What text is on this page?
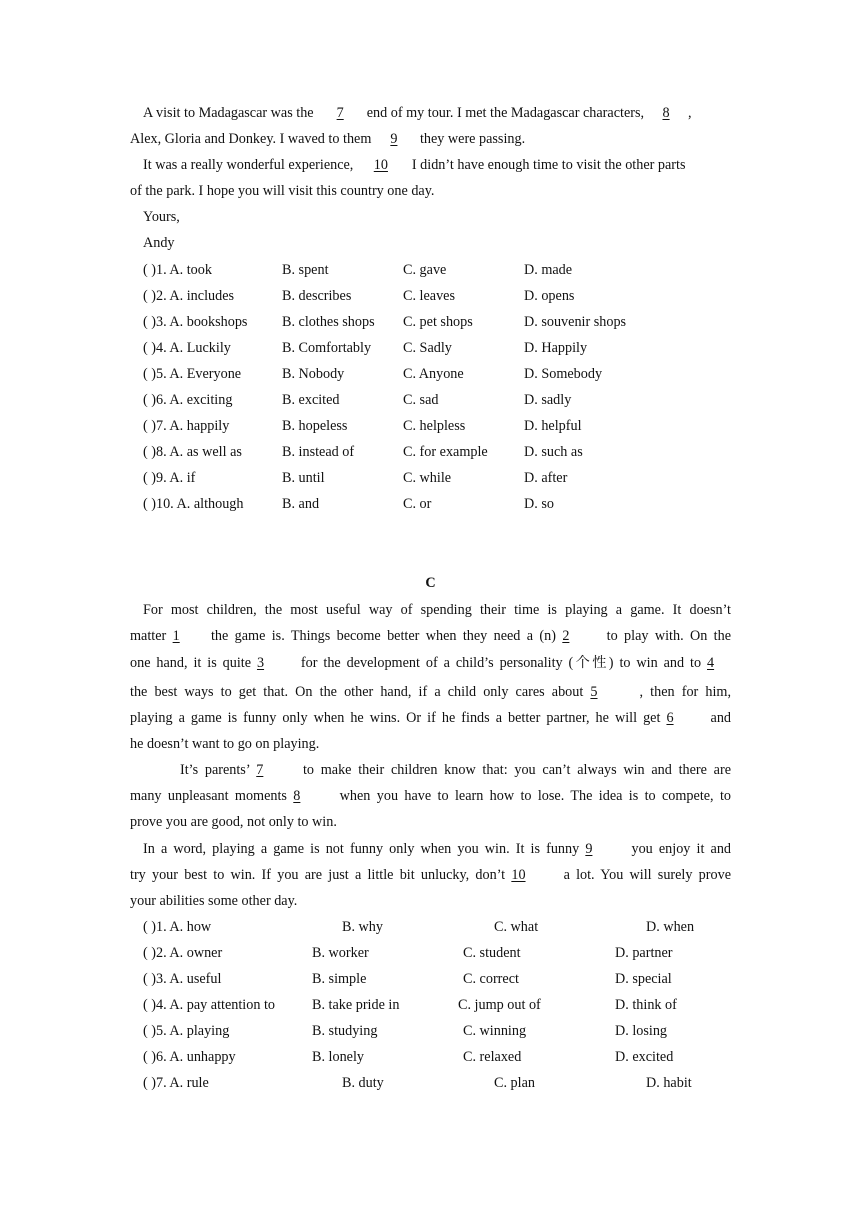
A visit to Madagascar was the 7 end of my tour. I met the Madagascar characters, 8 ,
Alex, Gloria and Donkey. I waved to them 9 they were passing.
It was a really wonderful experience, 10 I didn’t have enough time to visit the other parts
of the park. I hope you will visit this country one day.
Yours,
Andy
( )1. A. took	B. spent	C. gave	D. made
( )2. A. includes	B. describes	C. leaves	D. opens
( )3. A. bookshops B. clothes shops C. pet shops	D. souvenir shops
( )4. A. Luckily	B. Comfortably C. Sadly	D. Happily
( )5. A. Everyone	B. Nobody	C. Anyone	D. Somebody
( )6. A. exciting	B. excited	C. sad	D. sadly
( )7. A. happily	B. hopeless	C. helpless	D. helpful
( )8. A. as well as	B. instead of	C. for example	D. such as
( )9. A. if	B. until	C. while	D. after
( )10. A. although	B. and	C. or	D. so
C
For most children, the most useful way of spending their time is playing a game. It doesn’t
matter 1 the game is. Things become better when they need a (n) 2 to play with. On the
one hand, it is quite 3	for the development of a child’s personality (个性) to win and to 4
the best ways to get that. On the other hand, if a child only cares about 5	, then for him,
playing a game is funny only when he wins. Or if he finds a better partner, he will get 6	and
he doesn’t want to go on playing.
It’s parents’ 7	to make their children know that: you can’t always win and there are
many unpleasant moments 8	when you have to learn how to lose. The idea is to compete, to
prove you are good, not only to win.
In a word, playing a game is not funny only when you win. It is funny 9	you enjoy it and
try your best to win. If you are just a little bit unlucky, don’t 10	a lot. You will surely prove
your abilities some other day.
( )1. A. how	B. why	C. what	D. when
( )2. A. owner	B. worker	C. student	D. partner
( )3. A. useful	B. simple	C. correct	D. special
( )4. A. pay attention to	B. take pride in	C. jump out of	D. think of
( )5. A. playing	B. studying	C. winning	D. losing
( )6. A. unhappy	B. lonely	C. relaxed	D. excited
( )7. A. rule	B. duty	C. plan	D. habit
